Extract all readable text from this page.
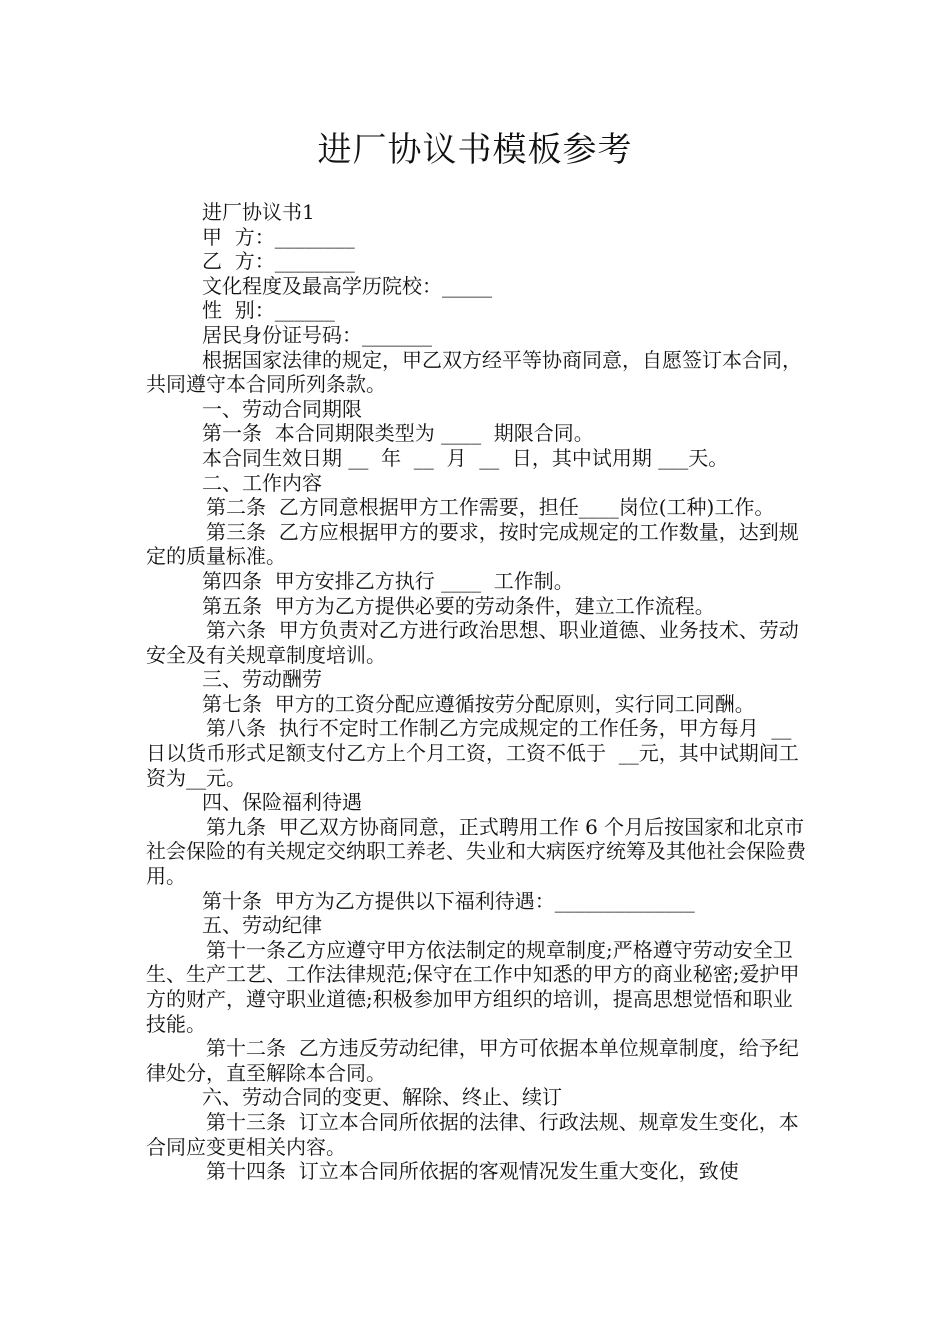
进厂协议书模板参考
进厂协议书1
甲  方：________
乙  方：________
文化程度及最高学历院校：_____
性  别：______
居民身份证号码：_______
根据国家法律的规定，甲乙双方经平等协商同意，自愿签订本合同，共同遵守本合同所列条款。
一、劳动合同期限
第一条  本合同期限类型为 ____  期限合同。
本合同生效日期 __  年  __  月  __  日，其中试用期 ___天。
二、工作内容
第二条  乙方同意根据甲方工作需要，担任____岗位(工种)工作。
第三条  乙方应根据甲方的要求，按时完成规定的工作数量，达到规定的质量标准。
第四条  甲方安排乙方执行 ____  工作制。
第五条  甲方为乙方提供必要的劳动条件，建立工作流程。
第六条  甲方负责对乙方进行政治思想、职业道德、业务技术、劳动安全及有关规章制度培训。
三、劳动酬劳
第七条  甲方的工资分配应遵循按劳分配原则，实行同工同酬。
第八条  执行不定时工作制乙方完成规定的工作任务，甲方每月  __  日以货币形式足额支付乙方上个月工资，工资不低于  __元，其中试期间工资为__元。
四、保险福利待遇
第九条  甲乙双方协商同意，正式聘用工作 6 个月后按国家和北京市社会保险的有关规定交纳职工养老、失业和大病医疗统筹及其他社会保险费用。
第十条  甲方为乙方提供以下福利待遇：______________
五、劳动纪律
第十一条乙方应遵守甲方依法制定的规章制度;严格遵守劳动安全卫生、生产工艺、工作法律规范;保守在工作中知悉的甲方的商业秘密;爱护甲方的财产，遵守职业道德;积极参加甲方组织的培训，提高思想觉悟和职业技能。
第十二条  乙方违反劳动纪律，甲方可依据本单位规章制度，给予纪律处分，直至解除本合同。
六、劳动合同的变更、解除、终止、续订
第十三条  订立本合同所依据的法律、行政法规、规章发生变化，本合同应变更相关内容。
第十四条  订立本合同所依据的客观情况发生重大变化，致使
